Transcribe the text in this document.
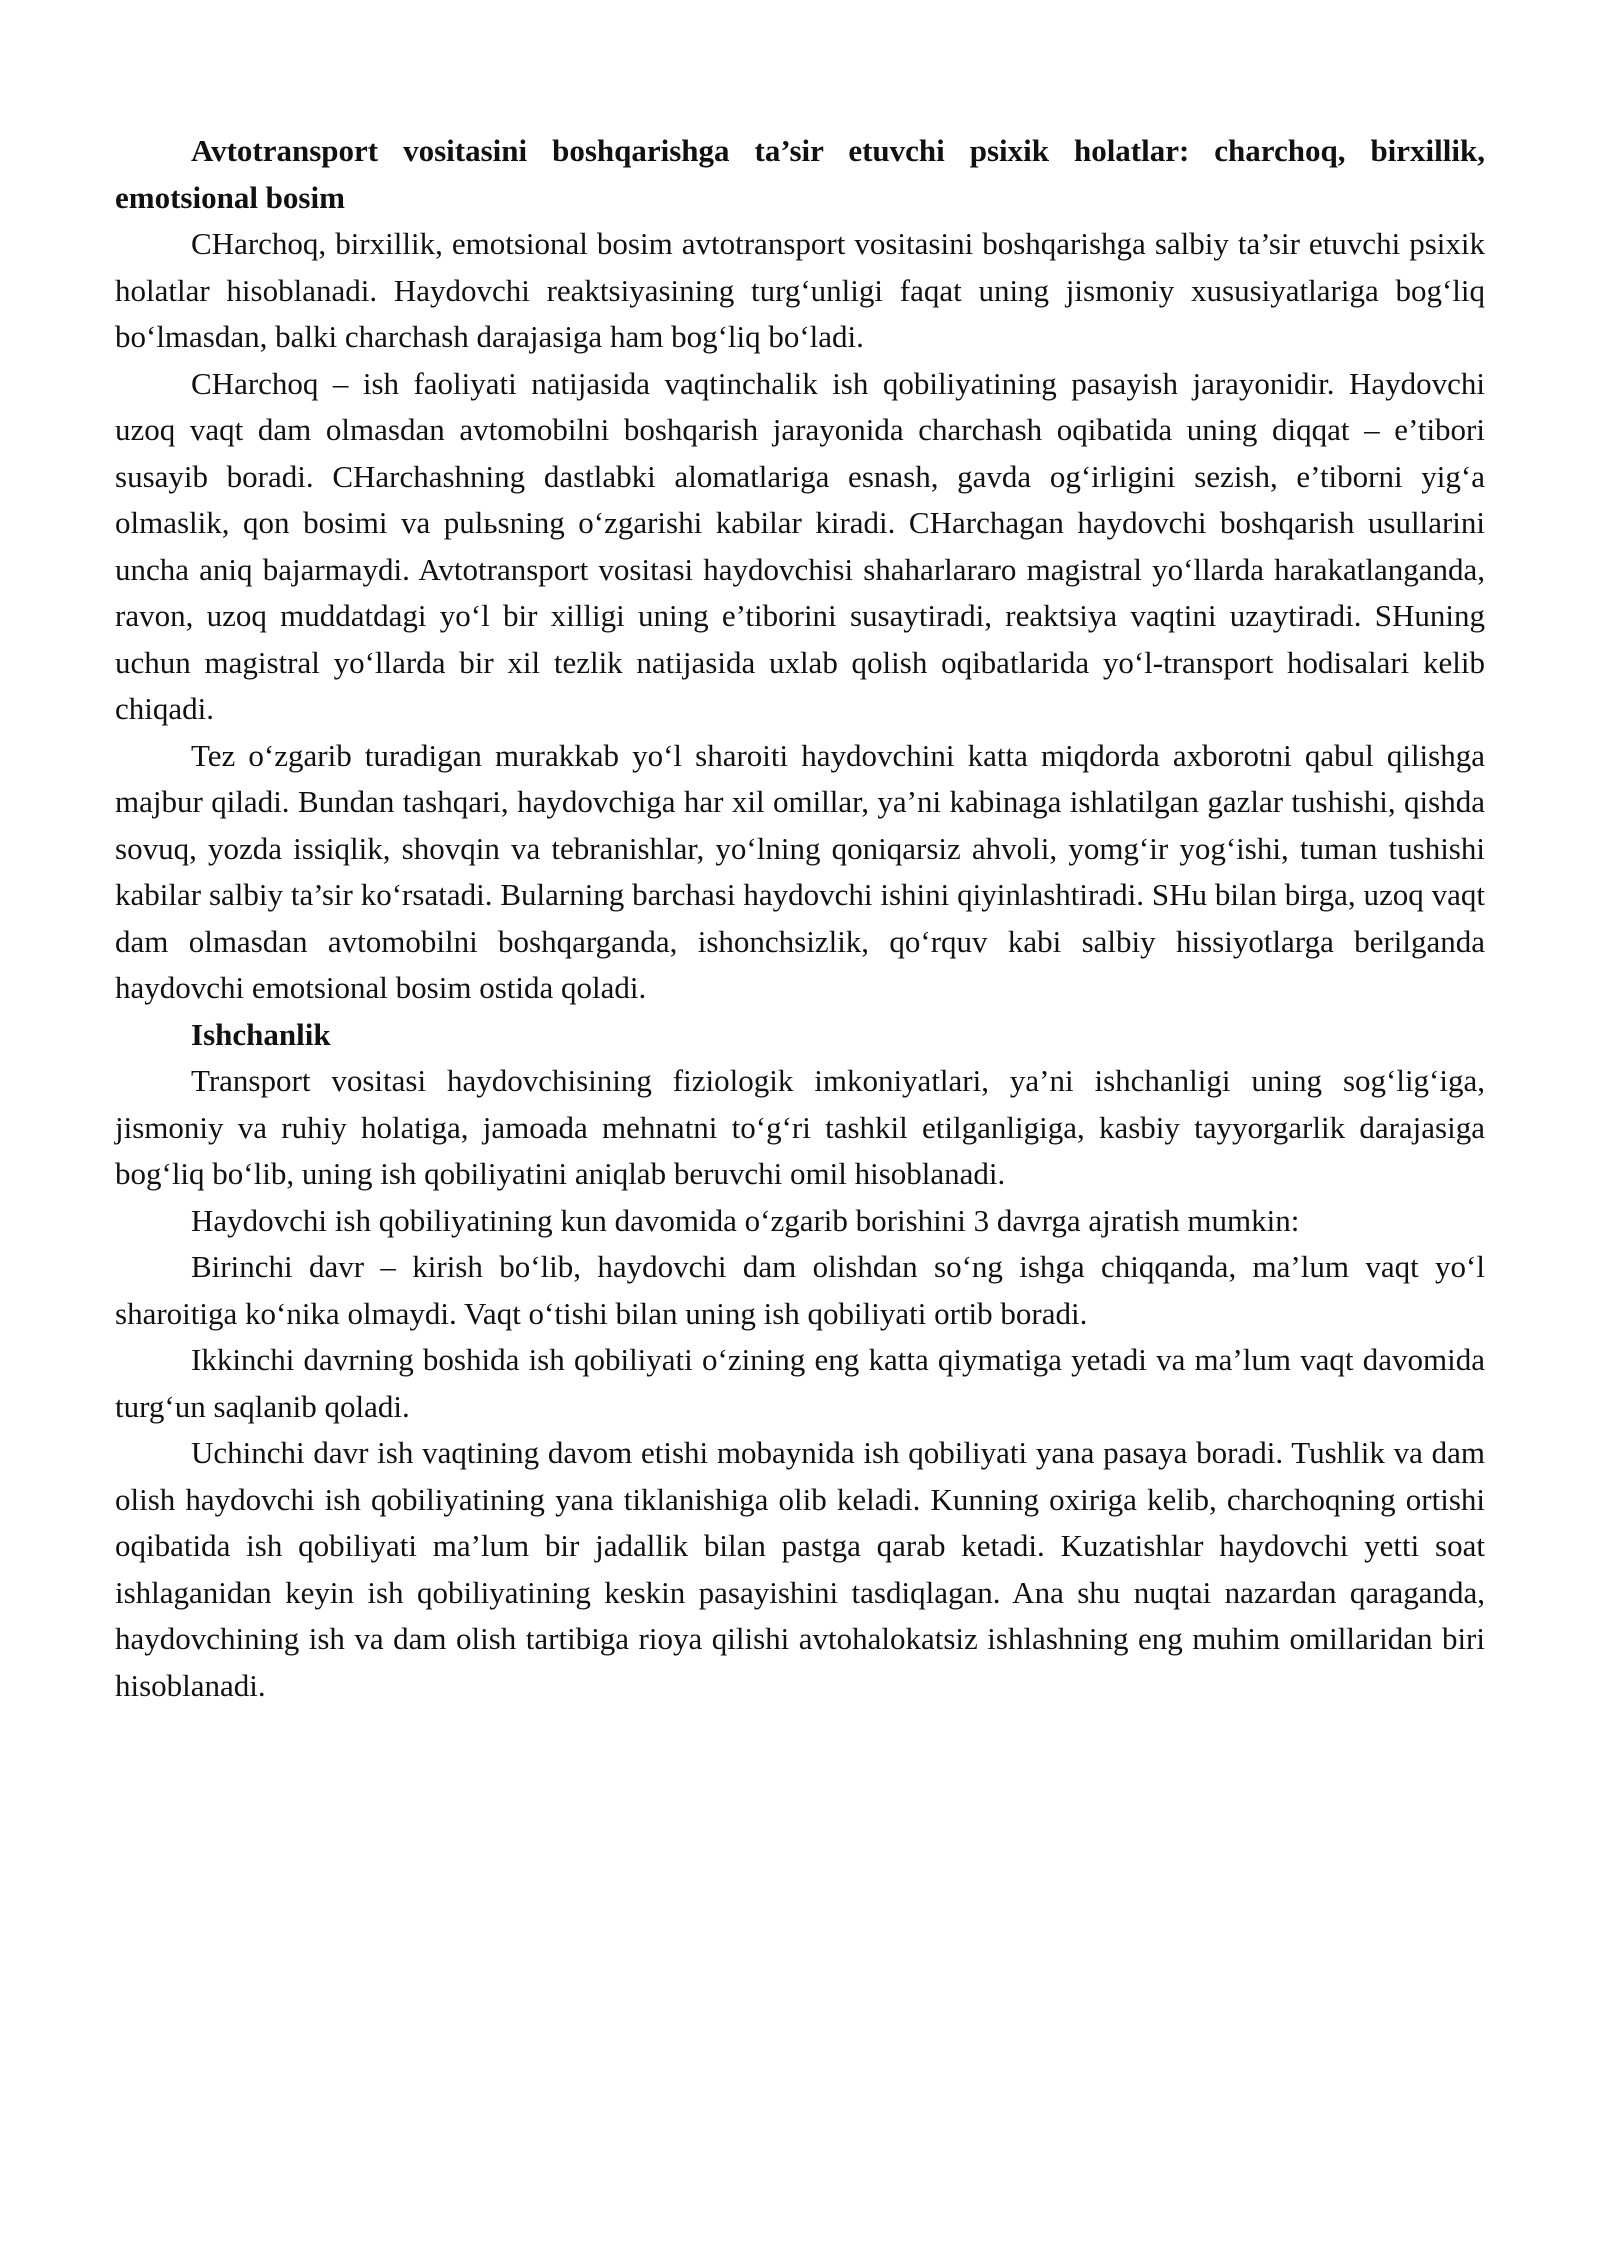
Avtotransport vositasini boshqarishga ta’sir etuvchi psixik holatlar: charchoq, birxillik, emotsional bosim

CHarchoq, birxillik, emotsional bosim avtotransport vositasini boshqarishga salbiy ta’sir etuvchi psixik holatlar hisoblanadi. Haydovchi reaktsiyasining turg‘unligi faqat uning jismoniy xususiyatlariga bog‘liq bo‘lmasdan, balki charchash darajasiga ham bog‘liq bo‘ladi.

CHarchoq – ish faoliyati natijasida vaqtinchalik ish qobiliyatining pasayish jarayonidir. Haydovchi uzoq vaqt dam olmasdan avtomobilni boshqarish jarayonida charchash oqibatida uning diqqat – e’tibori susayib boradi. CHarchashning dastlabki alomatlariga esnash, gavda og‘irligini sezish, e’tiborni yig‘a olmaslik, qon bosimi va pulьsning o‘zgarishi kabilar kiradi. CHarchagan haydovchi boshqarish usullarini uncha aniq bajarmaydi. Avtotransport vositasi haydovchisi shaharlararo magistral yo‘llarda harakatlanganda, ravon, uzoq muddatdagi yo‘l bir xilligi uning e’tiborini susaytiradi, reaktsiya vaqtini uzaytiradi. SHuning uchun magistral yo‘llarda bir xil tezlik natijasida uxlab qolish oqibatlarida yo‘l-transport hodisalari kelib chiqadi.

Tez o‘zgarib turadigan murakkab yo‘l sharoiti haydovchini katta miqdorda axborotni qabul qilishga majbur qiladi. Bundan tashqari, haydovchiga har xil omillar, ya’ni kabinaga ishlatilgan gazlar tushishi, qishda sovuq, yozda issiqlik, shovqin va tebranishlar, yo‘lning qoniqarsiz ahvoli, yomg‘ir yog‘ishi, tuman tushishi kabilar salbiy ta’sir ko‘rsatadi. Bularning barchasi haydovchi ishini qiyinlashtiradi. SHu bilan birga, uzoq vaqt dam olmasdan avtomobilni boshqarganda, ishonchsizlik, qo‘rquv kabi salbiy hissiyotlarga berilganda haydovchi emotsional bosim ostida qoladi.

Ishchanlik

Transport vositasi haydovchisining fiziologik imkoniyatlari, ya’ni ishchanligi uning sog‘lig‘iga, jismoniy va ruhiy holatiga, jamoada mehnatni to‘g‘ri tashkil etilganligiga, kasbiy tayyorgarlik darajasiga bog‘liq bo‘lib, uning ish qobiliyatini aniqlab beruvchi omil hisoblanadi.

Haydovchi ish qobiliyatining kun davomida o‘zgarib borishini 3 davrga ajratish mumkin:

Birinchi davr – kirish bo‘lib, haydovchi dam olishdan so‘ng ishga chiqqanda, ma’lum vaqt yo‘l sharoitiga ko‘nika olmaydi. Vaqt o‘tishi bilan uning ish qobiliyati ortib boradi.

Ikkinchi davrning boshida ish qobiliyati o‘zining eng katta qiymatiga yetadi va ma’lum vaqt davomida turg‘un saqlanib qoladi.

Uchinchi davr ish vaqtining davom etishi mobaynida ish qobiliyati yana pasaya boradi. Tushlik va dam olish haydovchi ish qobiliyatining yana tiklanishiga olib keladi. Kunning oxiriga kelib, charchoqning ortishi oqibatida ish qobiliyati ma’lum bir jadallik bilan pastga qarab ketadi. Kuzatishlar haydovchi yetti soat ishlaganidan keyin ish qobiliyatining keskin pasayishini tasdiqlagan. Ana shu nuqtai nazardan qaraganda, haydovchining ish va dam olish tartibiga rioya qilishi avtohalokatsiz ishlashning eng muhim omillaridan biri hisoblanadi.
